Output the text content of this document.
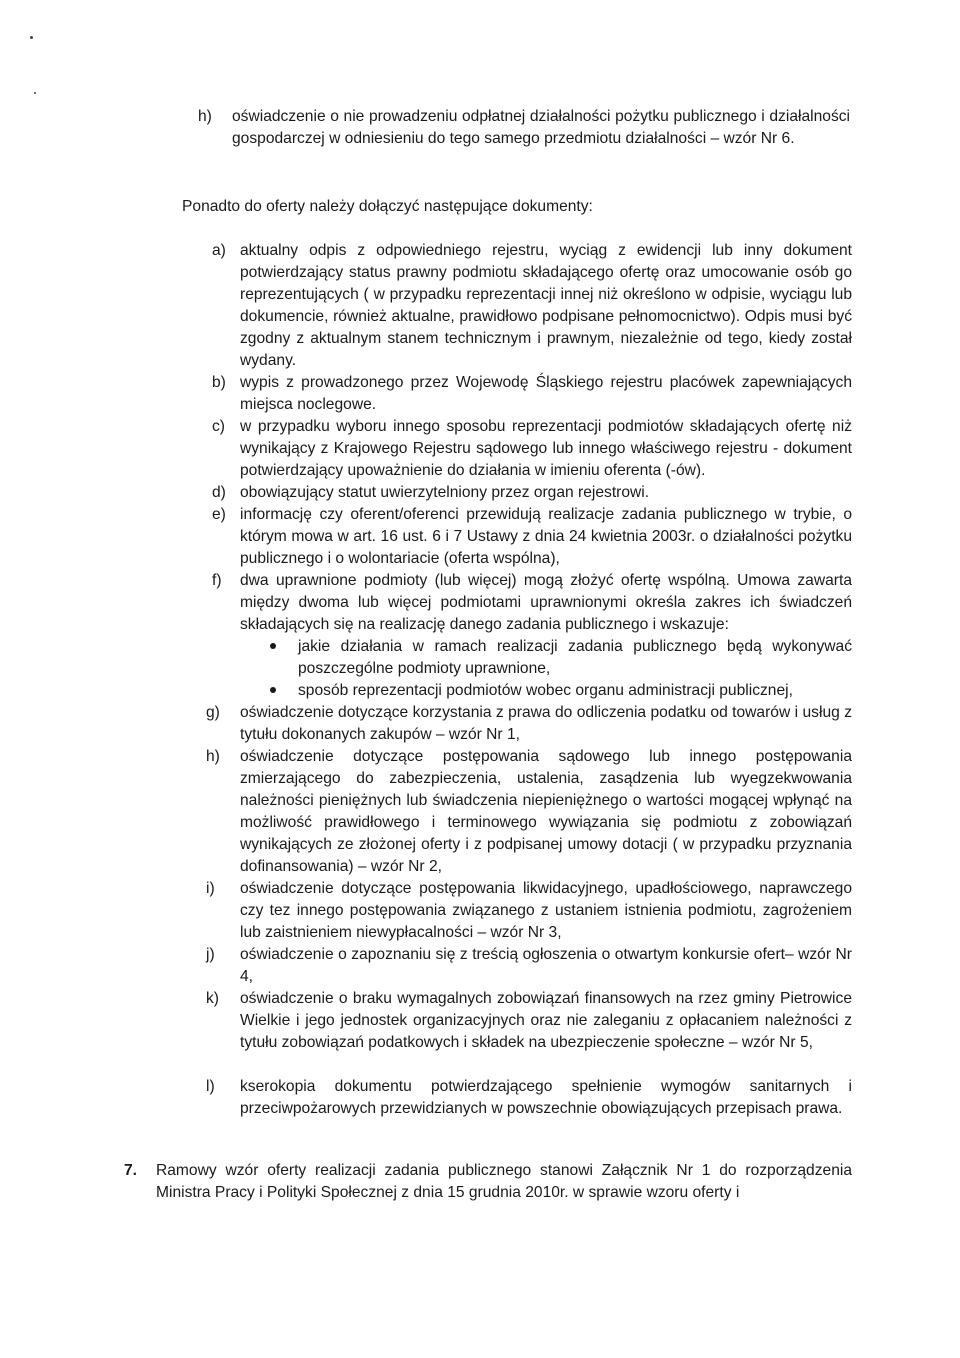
h) oświadczenie o nie prowadzeniu odpłatnej działalności pożytku publicznego i działalności gospodarczej w odniesieniu do tego samego przedmiotu działalności – wzór Nr 6.

Ponadto do oferty należy dołączyć następujące dokumenty:

a) aktualny odpis z odpowiedniego rejestru, wyciąg z ewidencji lub inny dokument potwierdzający status prawny podmiotu składającego ofertę oraz umocowanie osób go reprezentujących ( w przypadku reprezentacji innej niż określono w odpisie, wyciągu lub dokumencie, również aktualne, prawidłowo podpisane pełnomocnictwo). Odpis musi być zgodny z aktualnym stanem technicznym i prawnym, niezależnie od tego, kiedy został wydany.

b) wypis z prowadzonego przez Wojewodę Śląskiego rejestru placówek zapewniających miejsca noclegowe.

c) w przypadku wyboru innego sposobu reprezentacji podmiotów składających ofertę niż wynikający z Krajowego Rejestru sądowego lub innego właściwego rejestru - dokument potwierdzający upoważnienie do działania w imieniu oferenta (-ów).

d) obowiązujący statut uwierzytelniony przez organ rejestrowi.

e) informację czy oferent/oferenci przewidują realizacje zadania publicznego w trybie, o którym mowa w art. 16 ust. 6 i 7 Ustawy z dnia 24 kwietnia 2003r. o działalności pożytku publicznego i o wolontariacie (oferta wspólna),

f) dwa uprawnione podmioty (lub więcej) mogą złożyć ofertę wspólną. Umowa zawarta między dwoma lub więcej podmiotami uprawnionymi określa zakres ich świadczeń składających się na realizację danego zadania publicznego i wskazuje:

jakie działania w ramach realizacji zadania publicznego będą wykonywać poszczególne podmioty uprawnione,

sposób reprezentacji podmiotów wobec organu administracji publicznej,

g) oświadczenie dotyczące korzystania z prawa do odliczenia podatku od towarów i usług z tytułu dokonanych zakupów – wzór Nr 1,

h) oświadczenie dotyczące postępowania sądowego lub innego postępowania zmierzającego do zabezpieczenia, ustalenia, zasądzenia lub wyegzekwowania należności pieniężnych lub świadczenia niepieniężnego o wartości mogącej wpłynąć na możliwość prawidłowego i terminowego wywiązania się podmiotu z zobowiązań wynikających ze złożonej oferty i z podpisanej umowy dotacji ( w przypadku przyznania dofinansowania) – wzór Nr 2,

i) oświadczenie dotyczące postępowania likwidacyjnego, upadłościowego, naprawczego czy tez innego postępowania związanego z ustaniem istnienia podmiotu, zagrożeniem lub zaistnieniem niewypłacalności – wzór Nr 3,

j) oświadczenie o zapoznaniu się z treścią ogłoszenia o otwartym konkursie ofert– wzór Nr 4,

k) oświadczenie o braku wymagalnych zobowiązań finansowych na rzez gminy Pietrowice Wielkie i jego jednostek organizacyjnych oraz nie zaleganiu z opłacaniem należności z tytułu zobowiązań podatkowych i składek na ubezpieczenie społeczne – wzór Nr 5,

l) kserokopia dokumentu potwierdzającego spełnienie wymogów sanitarnych i przeciwpożarowych przewidzianych w powszechnie obowiązujących przepisach prawa.

7. Ramowy wzór oferty realizacji zadania publicznego stanowi Załącznik Nr 1 do rozporządzenia Ministra Pracy i Polityki Społecznej z dnia 15 grudnia 2010r. w sprawie wzoru oferty i
